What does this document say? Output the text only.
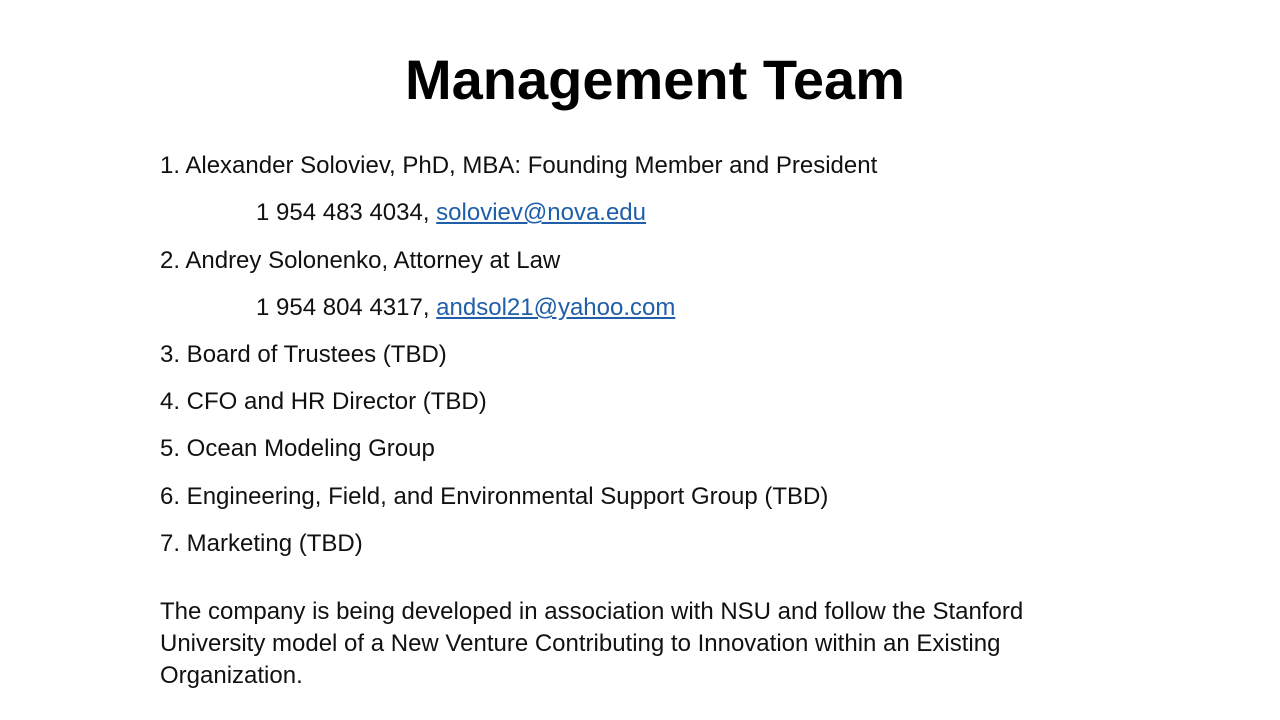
Management Team
1. Alexander Soloviev, PhD, MBA: Founding Member and President
1 954 483 4034, soloviev@nova.edu
2. Andrey Solonenko, Attorney at Law
1 954 804 4317, andsol21@yahoo.com
3. Board of Trustees (TBD)
4. CFO and HR Director (TBD)
5. Ocean Modeling Group
6. Engineering, Field, and Environmental Support Group (TBD)
7. Marketing (TBD)
The company is being developed in association with NSU and follow the Stanford University model of a New Venture Contributing to Innovation within an Existing Organization.
